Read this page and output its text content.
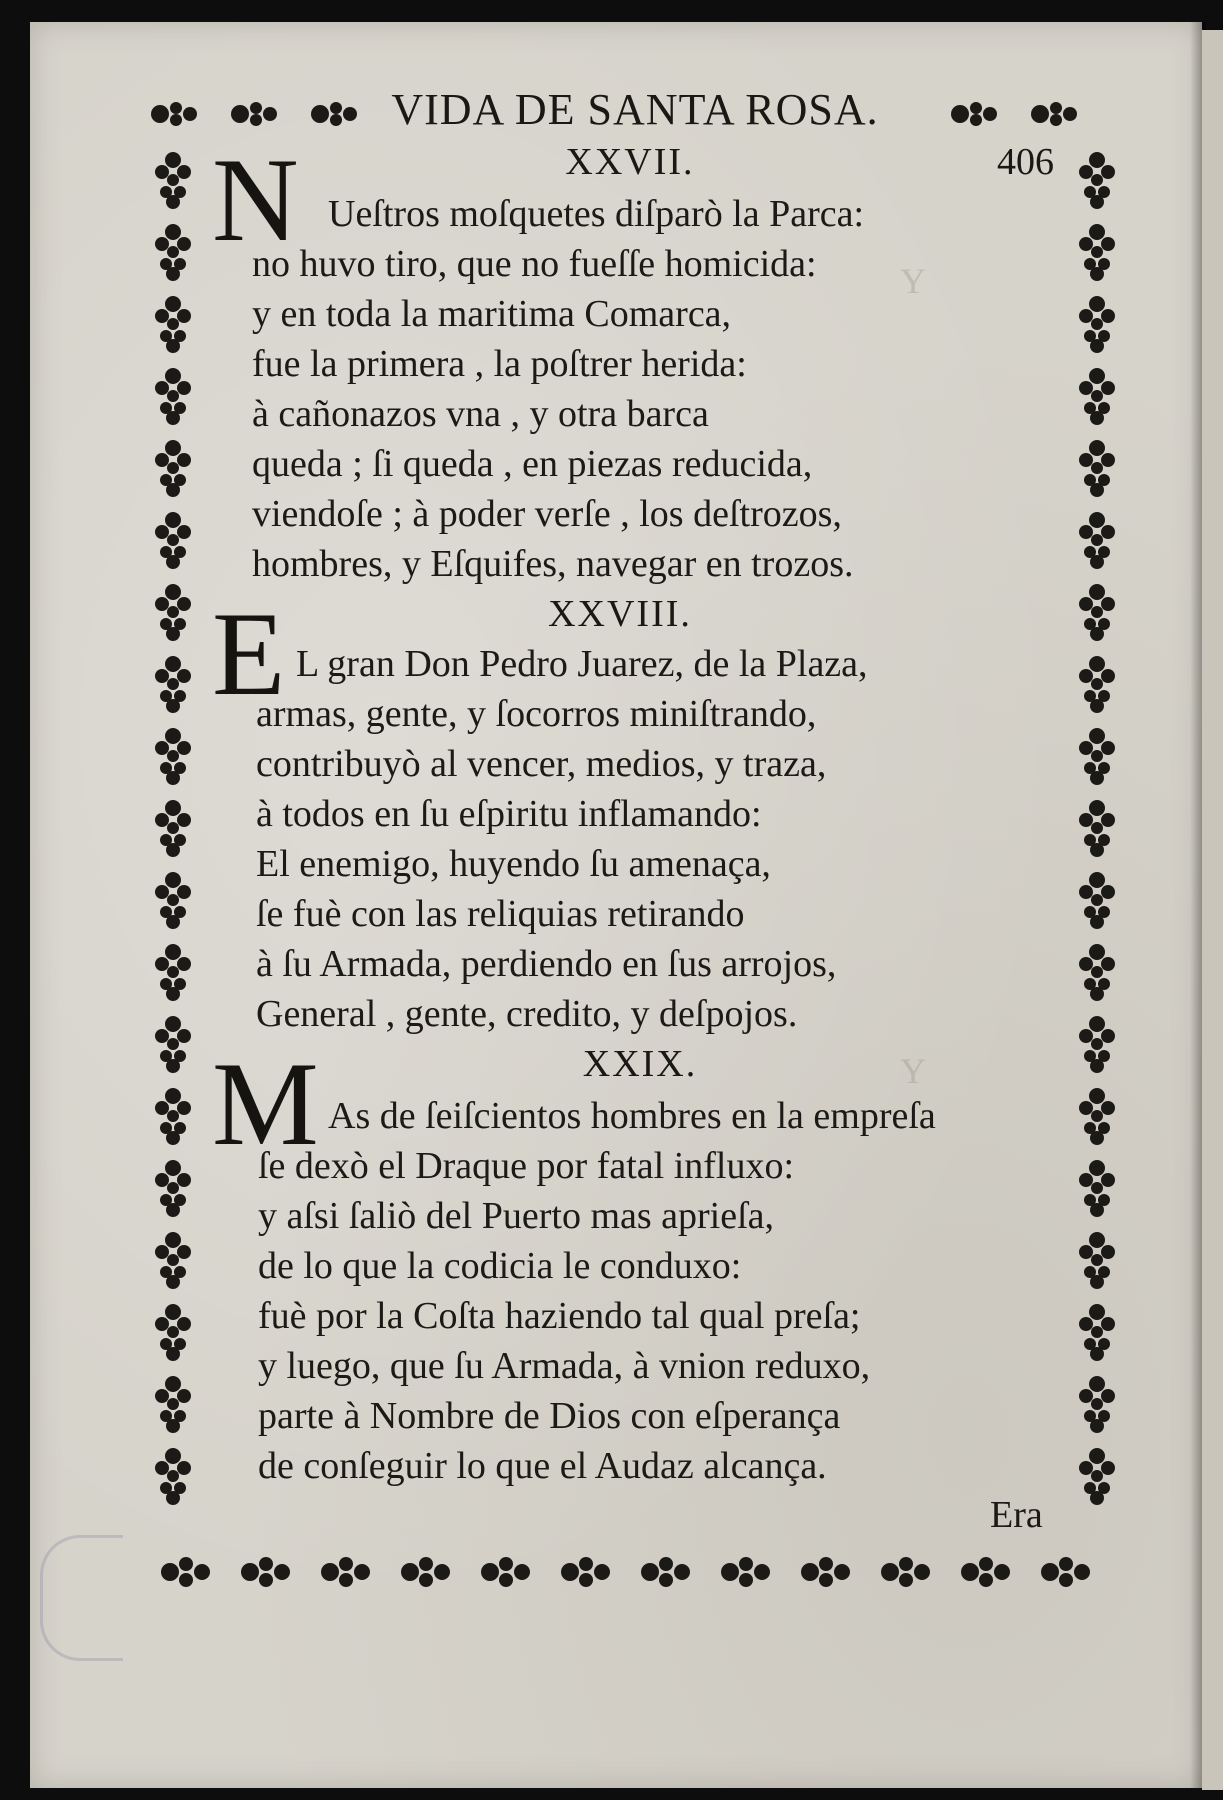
Y
Y
VIDA DE SANTA ROSA.
406
XXVII.
N Ueſtros moſquetes diſparò la Parca:
no huvo tiro, que no fueſſe homicida:
y en toda la maritima Comarca,
fue la primera , la poſtrer herida:
à cañonazos vna , y otra barca
queda ; ſi queda , en piezas reducida,
viendoſe ; à poder verſe , los deſtrozos,
hombres, y Eſquifes, navegar en trozos.
XXVIII.
E L gran Don Pedro Juarez, de la Plaza,
armas, gente, y ſocorros miniſtrando,
contribuyò al vencer, medios, y traza,
à todos en ſu eſpiritu inflamando:
El enemigo, huyendo ſu amenaça,
ſe fuè con las reliquias retirando
à ſu Armada, perdiendo en ſus arrojos,
General , gente, credito, y deſpojos.
XXIX.
M As de ſeiſcientos hombres en la empreſa
ſe dexò el Draque por fatal influxo:
y aſsi ſaliò del Puerto mas aprieſa,
de lo que la codicia le conduxo:
fuè por la Coſta haziendo tal qual preſa;
y luego, que ſu Armada, à vnion reduxo,
parte à Nombre de Dios con eſperança
de conſeguir lo que el Audaz alcança.
Era
